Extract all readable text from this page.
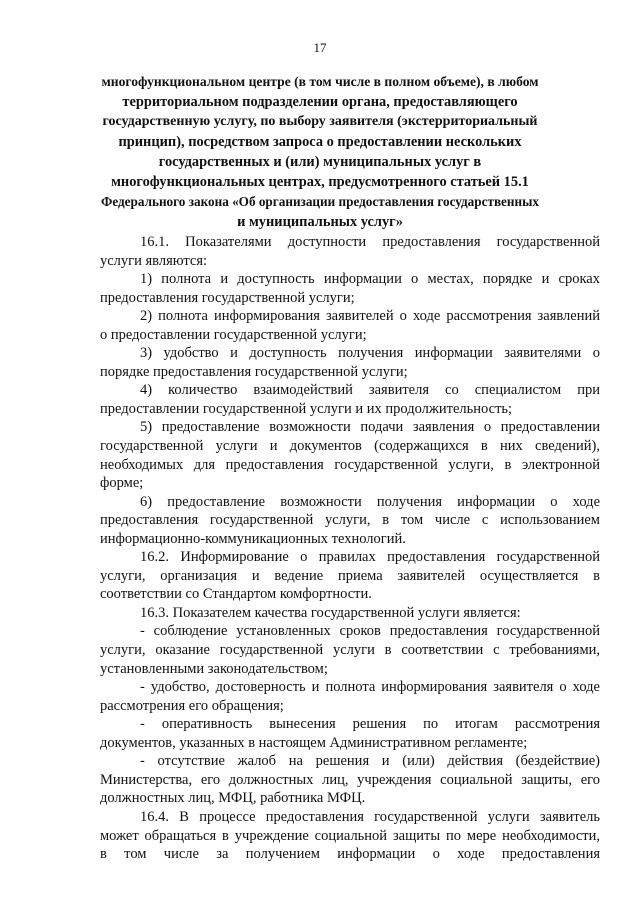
17
многофункциональном центре (в том числе в полном объеме), в любом
территориальном подразделении органа, предоставляющего
государственную услугу, по выбору заявителя (экстерриториальный
принцип), посредством запроса о предоставлении нескольких
государственных и (или) муниципальных услуг в
многофункциональных центрах, предусмотренного статьей 15.1
Федерального закона «Об организации предоставления государственных
и муниципальных услуг»
16.1. Показателями доступности предоставления государственной
услуги являются:
1) полнота и доступность информации о местах, порядке и сроках
предоставления государственной услуги;
2) полнота информирования заявителей о ходе рассмотрения заявлений
о предоставлении государственной услуги;
3) удобство и доступность получения информации заявителями о
порядке предоставления государственной услуги;
4) количество взаимодействий заявителя со специалистом при
предоставлении государственной услуги и их продолжительность;
5) предоставление возможности подачи заявления о предоставлении
государственной услуги и документов (содержащихся в них сведений),
необходимых для предоставления государственной услуги, в электронной
форме;
6) предоставление возможности получения информации о ходе
предоставления государственной услуги, в том числе с использованием
информационно-коммуникационных технологий.
16.2. Информирование о правилах предоставления государственной
услуги, организация и ведение приема заявителей осуществляется в
соответствии со Стандартом комфортности.
16.3. Показателем качества государственной услуги является:
- соблюдение установленных сроков предоставления государственной
услуги, оказание государственной услуги в соответствии с требованиями,
установленными законодательством;
- удобство, достоверность и полнота информирования заявителя о ходе
рассмотрения его обращения;
- оперативность вынесения решения по итогам рассмотрения
документов, указанных в настоящем Административном регламенте;
- отсутствие жалоб на решения и (или) действия (бездействие)
Министерства, его должностных лиц, учреждения социальной защиты, его
должностных лиц, МФЦ, работника МФЦ.
16.4. В процессе предоставления государственной услуги заявитель
может обращаться в учреждение социальной защиты по мере необходимости,
в том числе за получением информации о ходе предоставления
